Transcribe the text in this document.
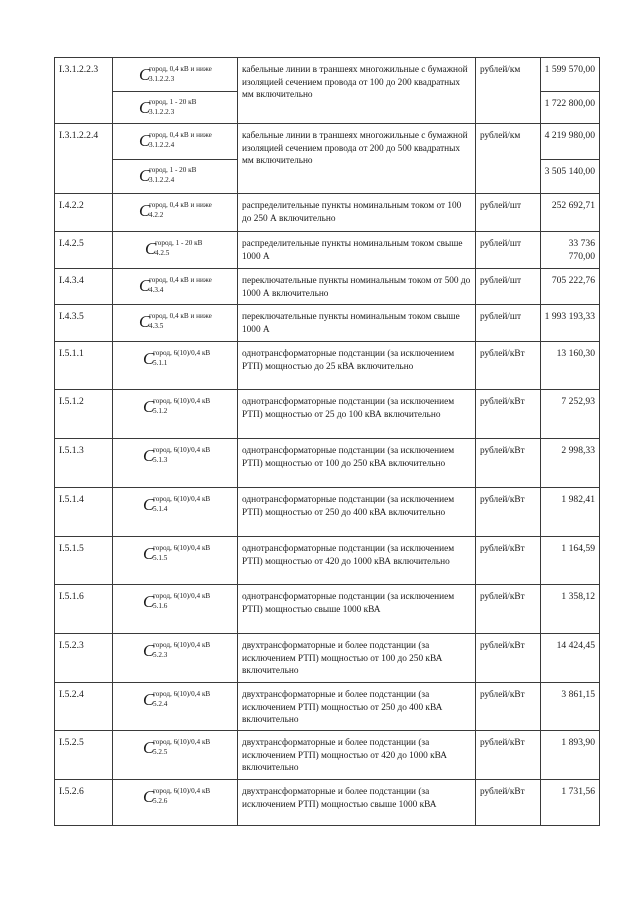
I.3.1.2.2.3	C
город, 0,4 кВ и ниже
3.1.2.2.3	кабельные линии в траншеях многожильные с бумажной изоляцией сечением провода от 100 до 200 квадратных мм включительно	рублей/км	1 599 570,00

	C
город, 1 - 20 кВ
3.1.2.2.3			1 722 800,00
I.3.1.2.2.4	C
город, 0,4 кВ и ниже
3.1.2.2.4	кабельные линии в траншеях многожильные с бумажной изоляцией сечением провода от 200 до 500 квадратных мм включительно	рублей/км	4 219 980,00

	C
город, 1 - 20 кВ
3.1.2.2.4			3 505 140,00
I.4.2.2	C
город, 0,4 кВ и ниже
4.2.2	распределительные пункты номинальным током от 100 до 250 А включительно	рублей/шт	252 692,71
I.4.2.5	C
город, 1 - 20 кВ
4.2.5	распределительные пункты номинальным током свыше 1000 А	рублей/шт	33 736 770,00
I.4.3.4	C
город, 0,4 кВ и ниже
4.3.4	переключательные пункты номинальным током от 500 до 1000 А включительно	рублей/шт	705 222,76
I.4.3.5	C
город, 0,4 кВ и ниже
4.3.5	переключательные пункты номинальным током свыше 1000 А	рублей/шт	1 993 193,33
I.5.1.1	C
город, 6(10)/0,4 кВ
5.1.1	однотрансформаторные подстанции (за исключением РТП) мощностью до 25 кВА включительно	рублей/кВт	13 160,30
I.5.1.2	C
город, 6(10)/0,4 кВ
5.1.2	однотрансформаторные подстанции (за исключением РТП) мощностью от 25 до 100 кВА включительно	рублей/кВт	7 252,93
I.5.1.3	C
город, 6(10)/0,4 кВ
5.1.3	однотрансформаторные подстанции (за исключением РТП) мощностью от 100 до 250 кВА включительно	рублей/кВт	2 998,33
I.5.1.4	C
город, 6(10)/0,4 кВ
5.1.4	однотрансформаторные подстанции (за исключением РТП) мощностью от 250 до 400 кВА включительно	рублей/кВт	1 982,41
I.5.1.5	C
город, 6(10)/0,4 кВ
5.1.5	однотрансформаторные подстанции (за исключением РТП) мощностью от 420 до 1000 кВА включительно	рублей/кВт	1 164,59
I.5.1.6	C
город, 6(10)/0,4 кВ
5.1.6	однотрансформаторные подстанции (за исключением РТП) мощностью свыше 1000 кВА	рублей/кВт	1 358,12
I.5.2.3	C
город, 6(10)/0,4 кВ
5.2.3	двухтрансформаторные и более подстанции (за исключением РТП) мощностью от 100 до 250 кВА включительно	рублей/кВт	14 424,45
I.5.2.4	C
город, 6(10)/0,4 кВ
5.2.4	двухтрансформаторные и более подстанции (за исключением РТП) мощностью от 250 до 400 кВА включительно	рублей/кВт	3 861,15
I.5.2.5	C
город, 6(10)/0,4 кВ
5.2.5	двухтрансформаторные и более подстанции (за исключением РТП) мощностью от 420 до 1000 кВА включительно	рублей/кВт	1 893,90
I.5.2.6	C
город, 6(10)/0,4 кВ
5.2.6	двухтрансформаторные и более подстанции (за исключением РТП) мощностью свыше 1000 кВА	рублей/кВт	1 731,56
